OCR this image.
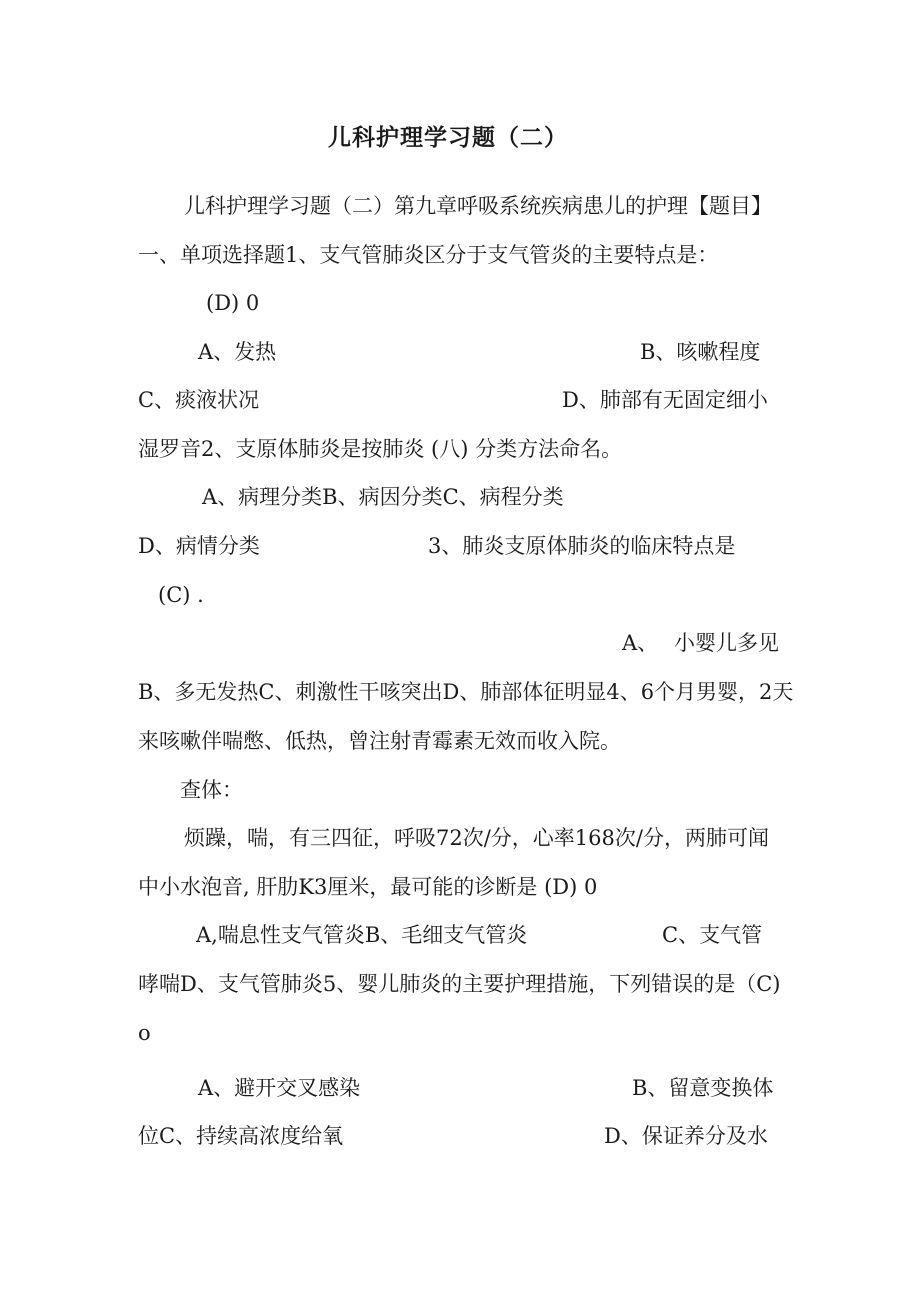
儿科护理学习题（二）

儿科护理学习题（二）第九章呼吸系统疾病患儿的护理【题目】

一、单项选择题1、支气管肺炎区分于支气管炎的主要特点是：

(D) 0

A、发热	B、咳嗽程度

C、痰液状况	D、肺部有无固定细小

湿罗音2、支原体肺炎是按肺炎 (八) 分类方法命名。

A、病理分类B、病因分类C、病程分类

D、病情分类	3、肺炎支原体肺炎的临床特点是

(C) .

A、 小婴儿多见

B、多无发热C、刺激性干咳突出D、肺部体征明显4、6个月男婴，2天

来咳嗽伴喘憋、低热，曾注射青霉素无效而收入院。

查体：

烦躁，喘，有三四征，呼吸72次/分，心率168次/分，两肺可闻

中小水泡音, 肝肋K3厘米，最可能的诊断是 (D) 0

A,喘息性支气管炎B、毛细支气管炎	C、支气管

哮喘D、支气管肺炎5、婴儿肺炎的主要护理措施，下列错误的是（C)

o

A、避开交叉感染	B、留意变换体

位C、持续高浓度给氧	D、保证养分及水
